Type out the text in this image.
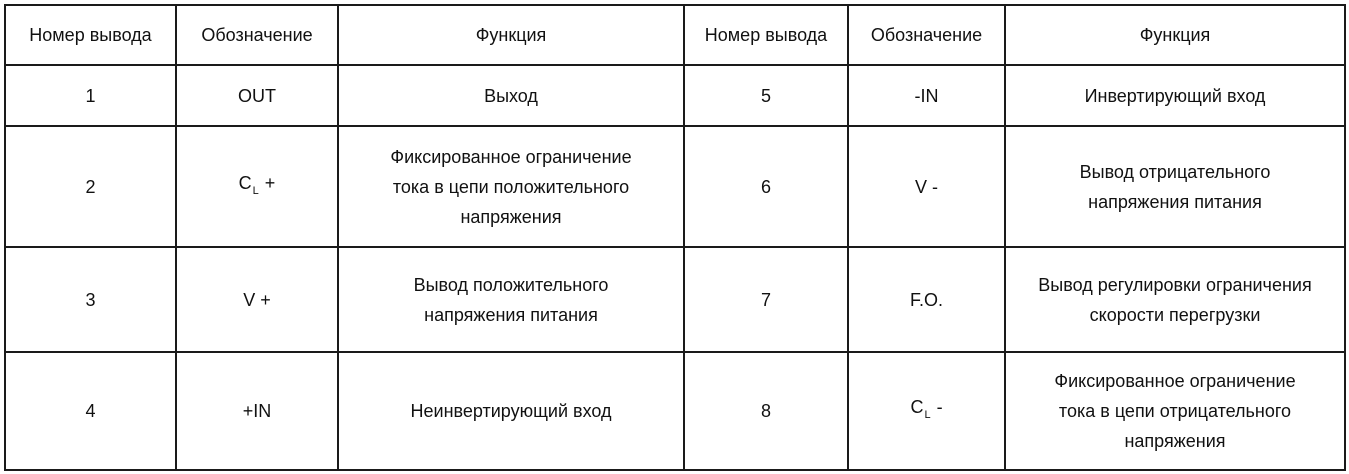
Номер вывода	Обозначение	Функция	Номер вывода	Обозначение	Функция
1	OUT	Выход	5	-IN	Инвертирующий вход
2	$C_L$ +	Фиксированное ограничение
тока в цепи положительного
напряжения	6	V -	Вывод отрицательного
напряжения питания
3	V +	Вывод положительного
напряжения питания	7	F.O.	Вывод регулировки ограничения
скорости перегрузки
4	+IN	Неинвертирующий вход	8	$C_L$ -	Фиксированное ограничение
тока в цепи отрицательного
напряжения
